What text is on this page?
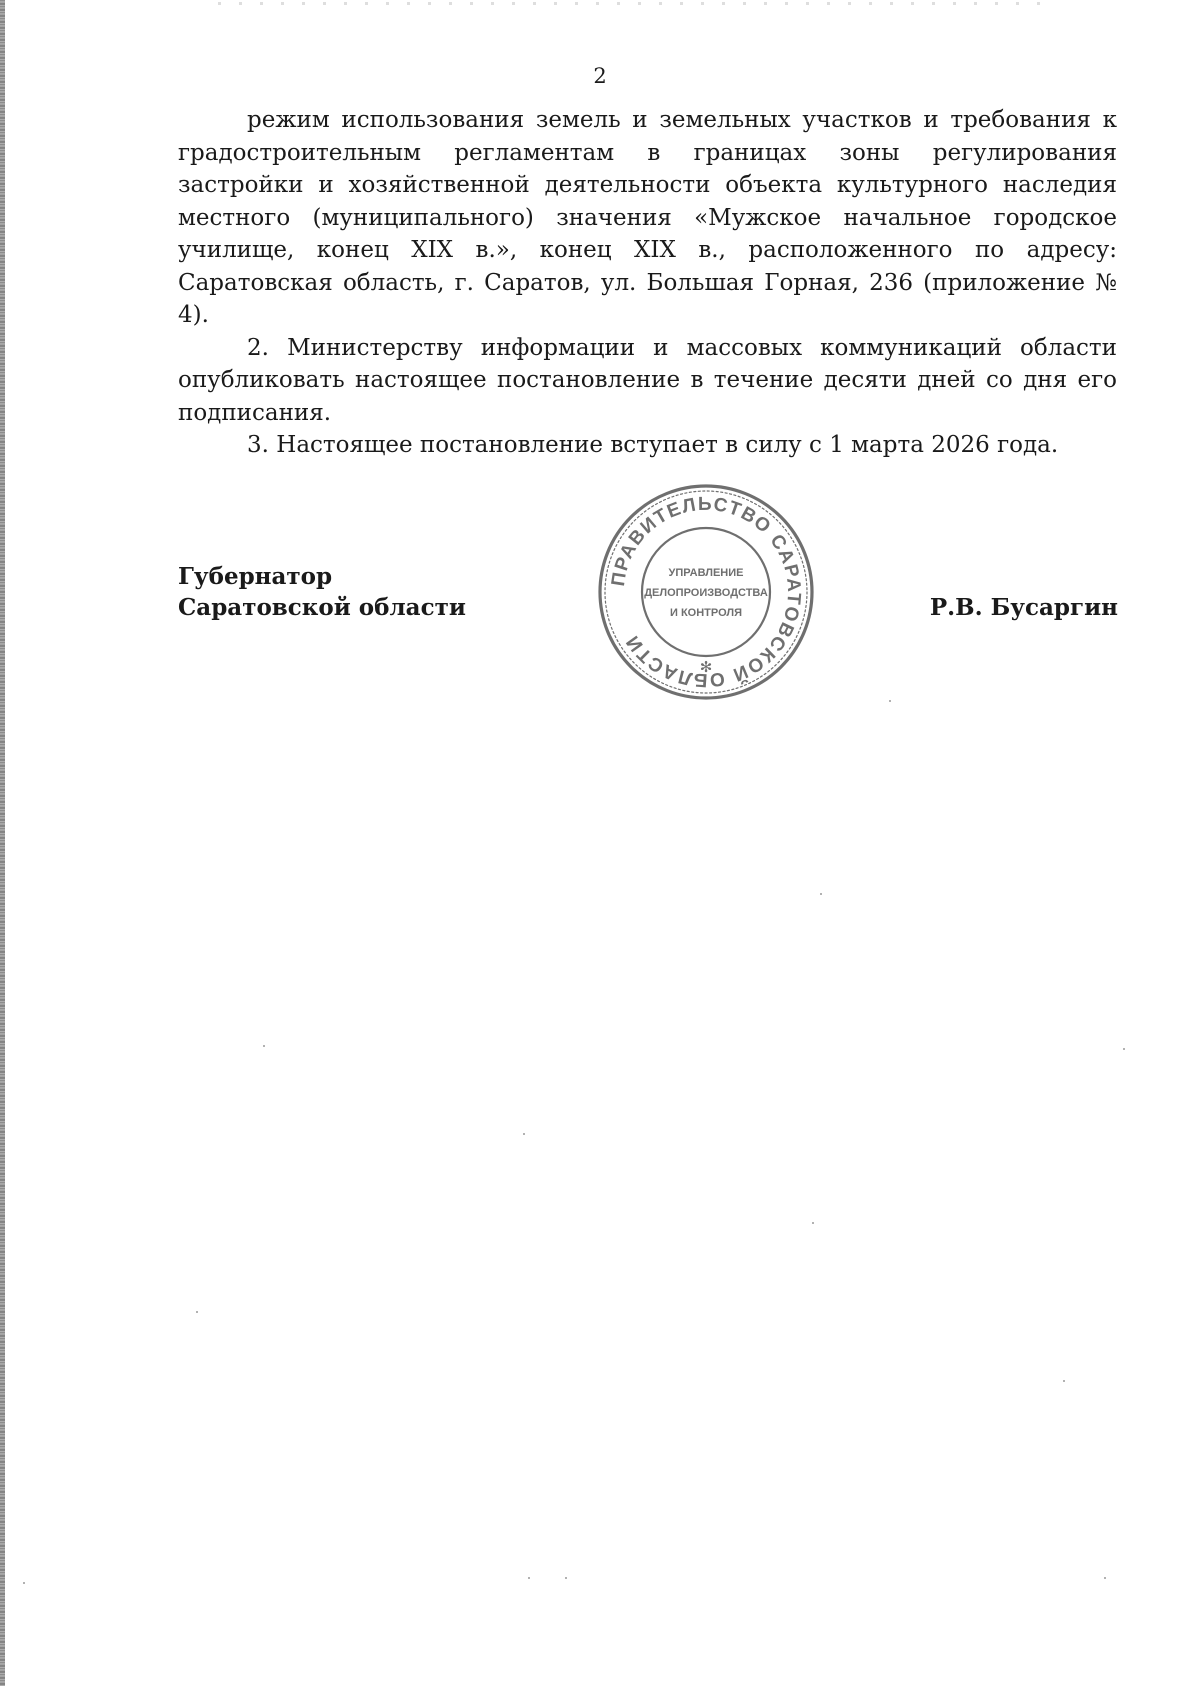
2

режим использования земель и земельных участков и требования к градостроительным регламентам в границах зоны регулирования застройки и хозяйственной деятельности объекта культурного наследия местного (муниципального) значения «Мужское начальное городское училище, конец XIX в.», конец XIX в., расположенного по адресу: Саратовская область, г. Саратов, ул. Большая Горная, 236 (приложение № 4).

2. Министерству информации и массовых коммуникаций области опубликовать настоящее постановление в течение десяти дней со дня его подписания.

3. Настоящее постановление вступает в силу с 1 марта 2026 года.

Губернатор
Саратовской области	Р.В. Бусаргин
ПРАВИТЕЛЬСТВО САРАТОВСКОЙ ОБЛАСТИ
УПРАВЛЕНИЕ
ДЕЛОПРОИЗВОДСТВА
И КОНТРОЛЯ
✻
